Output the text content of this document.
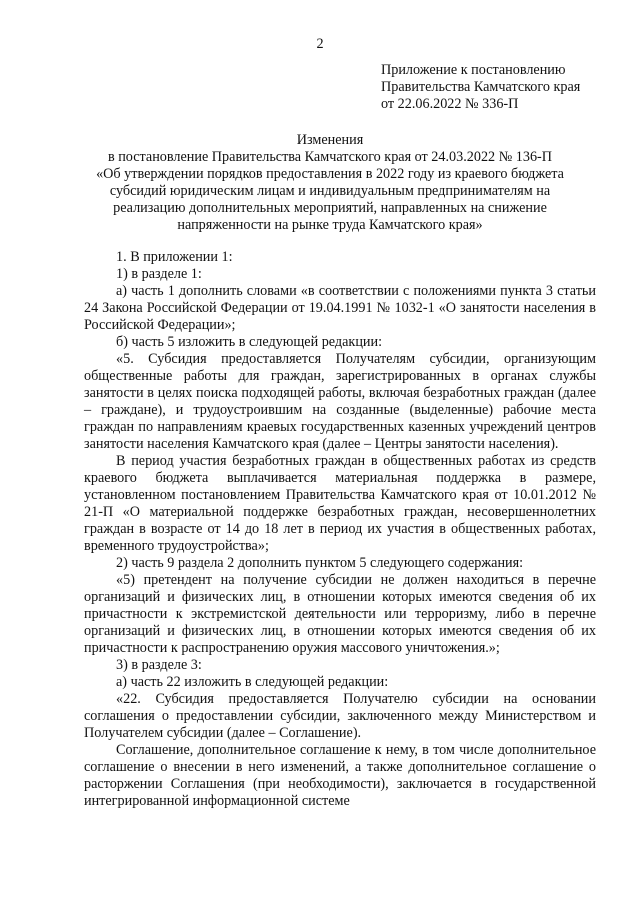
2
Приложение к постановлению
Правительства Камчатского края
от 22.06.2022 № 336-П
Изменения
в постановление Правительства Камчатского края от 24.03.2022 № 136-П
«Об утверждении порядков предоставления в 2022 году из краевого бюджета
субсидий юридическим лицам и индивидуальным предпринимателям на
реализацию дополнительных мероприятий, направленных на снижение
напряженности на рынке труда Камчатского края»

1. В приложении 1:

1) в разделе 1:

а) часть 1 дополнить словами «в соответствии с положениями пункта 3 статьи 24 Закона Российской Федерации от 19.04.1991 № 1032-1 «О занятости населения в Российской Федерации»;

б) часть 5 изложить в следующей редакции:

«5. Субсидия предоставляется Получателям субсидии, организующим общественные работы для граждан, зарегистрированных в органах службы занятости в целях поиска подходящей работы, включая безработных граждан (далее – граждане), и трудоустроившим на созданные (выделенные) рабочие места граждан по направлениям краевых государственных казенных учреждений центров занятости населения Камчатского края (далее – Центры занятости населения).

В период участия безработных граждан в общественных работах из средств краевого бюджета выплачивается материальная поддержка в размере, установленном постановлением Правительства Камчатского края от 10.01.2012 № 21-П «О материальной поддержке безработных граждан, несовершеннолетних граждан в возрасте от 14 до 18 лет в период их участия в общественных работах, временного трудоустройства»;

2) часть 9 раздела 2 дополнить пунктом 5 следующего содержания:

«5) претендент на получение субсидии не должен находиться в перечне организаций и физических лиц, в отношении которых имеются сведения об их причастности к экстремистской деятельности или терроризму, либо в перечне организаций и физических лиц, в отношении которых имеются сведения об их причастности к распространению оружия массового уничтожения.»;

3) в разделе 3:

а) часть 22 изложить в следующей редакции:

«22. Субсидия предоставляется Получателю субсидии на основании соглашения о предоставлении субсидии, заключенного между Министерством и Получателем субсидии (далее – Соглашение).

Соглашение, дополнительное соглашение к нему, в том числе дополнительное соглашение о внесении в него изменений, а также дополнительное соглашение о расторжении Соглашения (при необходимости), заключается в государственной интегрированной информационной системе
